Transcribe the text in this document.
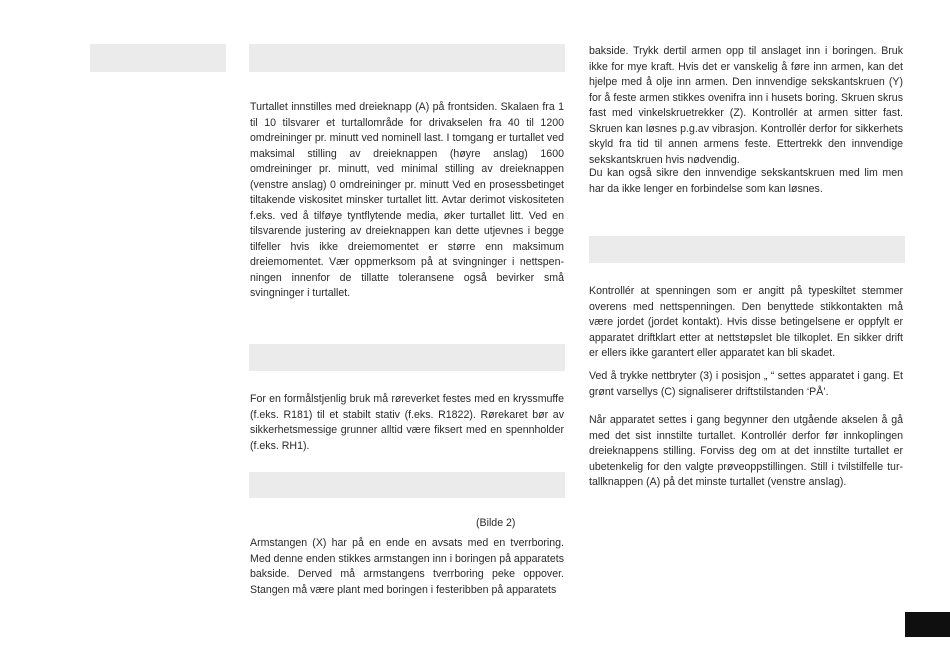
Turtallet innstilles med dreieknapp (A) på frontsiden. Skalaen fra 1 til 10 tilsvarer et turtallområde for drivakselen fra 40 til 1200 omdreininger pr. minutt ved nominell last. I tomgang er turtallet ved maksimal stilling av dreieknappen (høyre anslag) 1600 omdreininger pr. minutt, ved minimal stilling av dreieknappen (venstre anslag) 0 omdreininger pr. minutt Ved en prosessbetinget tiltakende viskositet minsker turtallet litt. Avtar derimot viskositeten f.eks. ved å tilføye tyntflytende media, øker turtallet litt. Ved en tilsvarende justering av dreieknappen kan dette utjevnes i begge tilfeller hvis ikke dreiemomentet er større enn maksimum dreiemomentet. Vær oppmerksom på at svingninger i nettspenningen innenfor de tillatte toleransene også bevirker små svingninger i turtallet.

For en formålstjenlig bruk må røreverket festes med en kryssmuffe (f.eks. R181) til et stabilt stativ (f.eks. R1822). Rørekaret bør av sikkerhetsmessige grunner alltid være fiksert med en spennholder (f.eks. RH1).

(Bilde 2)

Armstangen (X) har på en ende en avsats med en tverrboring. Med denne enden stikkes armstangen inn i boringen på apparatets bakside. Derved må armstangens tverrboring peke oppover. Stangen må være plant med boringen i festeribben på apparatets

bakside. Trykk dertil armen opp til anslaget inn i boringen. Bruk ikke for mye kraft. Hvis det er vanskelig å føre inn armen, kan det hjelpe med å olje inn armen. Den innvendige sekskantskruen (Y) for å feste armen stikkes ovenifra inn i husets boring. Skruen skrus fast med vinkelskruetrekker (Z). Kontrollér at armen sitter fast. Skruen kan løsnes p.g.av vibrasjon. Kontrollér derfor for sikkerhets skyld fra tid til annen armens feste. Ettertrekk den innvendige sekskantskruen hvis nødvendig.

Du kan også sikre den innvendige sekskantskruen med lim men har da ikke lenger en forbindelse som kan løsnes.

Kontrollér at spenningen som er angitt på typeskiltet stemmer overens med nettspenningen. Den benyttede stikkontakten må være jordet (jordet kontakt). Hvis disse betingelsene er oppfylt er apparatet driftklart etter at nettstøpslet ble tilkoplet. En sikker drift er ellers ikke garantert eller apparatet kan bli skadet.

Ved å trykke nettbryter (3) i posisjon „ “ settes apparatet i gang. Et grønt varsellys (C) signaliserer driftstilstanden ‘PÅ’.

Når apparatet settes i gang begynner den utgående akselen å gå med det sist innstilte turtallet. Kontrollér derfor før innkoplingen dreieknappens stilling. Forviss deg om at det innstilte turtallet er ubetenkelig for den valgte prøveoppstillingen. Still i tvilstilfelle turtallknappen (A) på det minste turtallet (venstre anslag).
